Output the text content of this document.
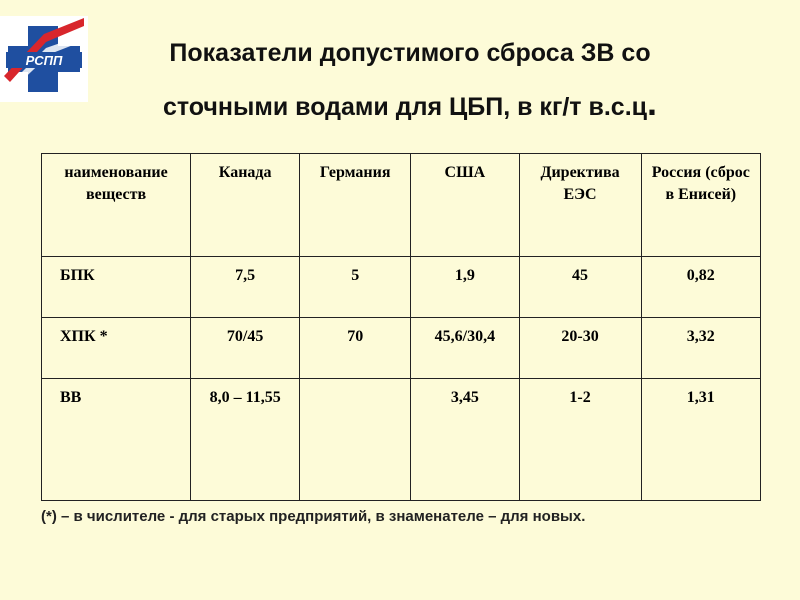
РСПП	Показатели допустимого сброса ЗВ со
сточными водами для ЦБП, в кг/т в.с.ц.
наименование веществ	Канада	Германия	США	Директива ЕЭС	Россия (сброс в Енисей)
БПК	7,5	5	1,9	45	0,82
ХПК *	70/45	70	45,6/30,4	20-30	3,32
ВВ	8,0 – 11,55		3,45	1-2	1,31
(*) – в числителе - для старых предприятий, в знаменателе – для новых.
